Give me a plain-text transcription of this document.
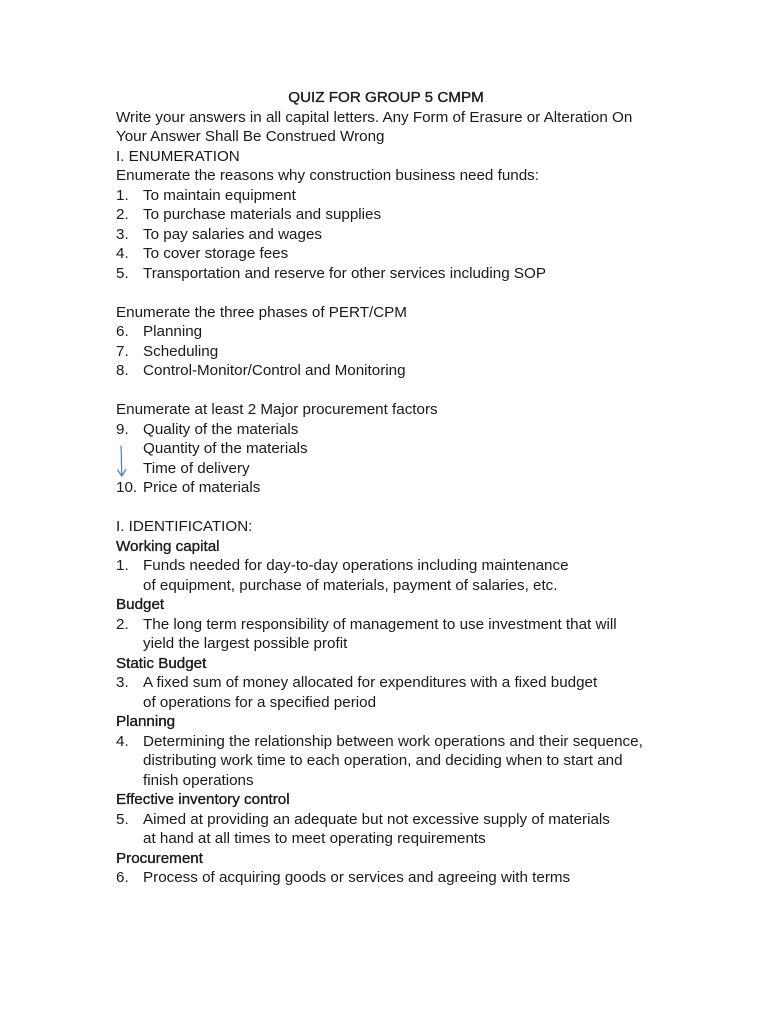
QUIZ FOR GROUP 5 CMPM
Write your answers in all capital letters. Any Form of Erasure or Alteration On Your Answer Shall Be Construed Wrong
I. ENUMERATION
Enumerate the reasons why construction business need funds:
1. To maintain equipment
2. To purchase materials and supplies
3. To pay salaries and wages
4. To cover storage fees
5. Transportation and reserve for other services including SOP
Enumerate the three phases of PERT/CPM
6. Planning
7. Scheduling
8. Control-Monitor/Control and Monitoring
Enumerate at least 2 Major procurement factors
9. Quality of the materials
Quantity of the materials
Time of delivery
10. Price of materials
I. IDENTIFICATION:
Working capital
1. Funds needed for day-to-day operations including maintenance of equipment, purchase of materials, payment of salaries, etc.
Budget
2. The long term responsibility of management to use investment that will yield the largest possible profit
Static Budget
3. A fixed sum of money allocated for expenditures with a fixed budget of operations for a specified period
Planning
4. Determining the relationship between work operations and their sequence, distributing work time to each operation, and deciding when to start and finish operations
Effective inventory control
5. Aimed at providing an adequate but not excessive supply of materials at hand at all times to meet operating requirements
Procurement
6. Process of acquiring goods or services and agreeing with terms
